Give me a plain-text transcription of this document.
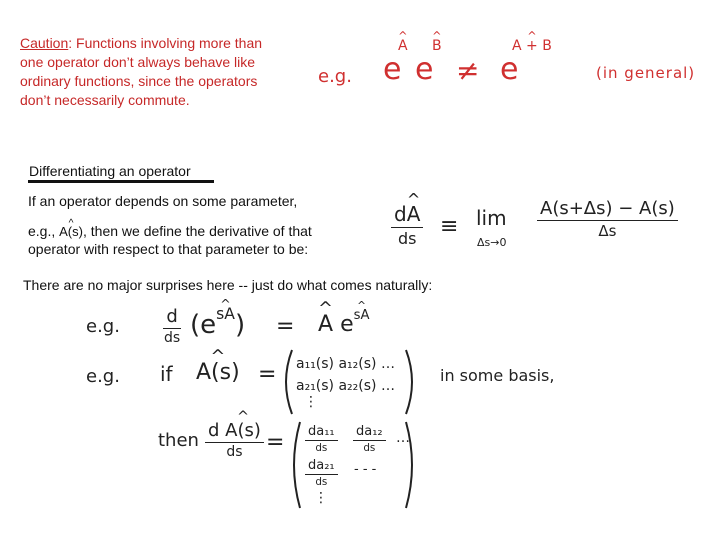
Caution: Functions involving more than
one operator don’t always behave like
ordinary functions, since the operators
don’t necessarily commute.
e.g. e
^ A
e
^ B
≠ e
^ A + B
(in general)
Differentiating an operator
If an operator depends on some parameter,
e.g., ^ A(s), then we define the derivative of that
operator with respect to that parameter to be:
$\frac{d\^{} A}{ds} \equiv \lim$
Δs→0
$\frac{A(s+\Delta s) - A(s)}{\Delta s}$
There are no major surprises here -- just do what comes naturally:
e.g. $\frac{d}{ds}$ (e^ $^{sA}$) = ^ A e^ $^{sA}$
e.g. if ^ A(s) = a₁₁(s) a₁₂(s) …
a₂₁(s) a₂₂(s) …
⋮
in some basis,
then $\frac{d \^{} A(s)}{ds} = \frac{\text{da₁₁}}{ds} \frac{\text{da₁₂}}{ds}$ …
$\frac{\text{da₂₁}}{ds}$ - - -
⋮
